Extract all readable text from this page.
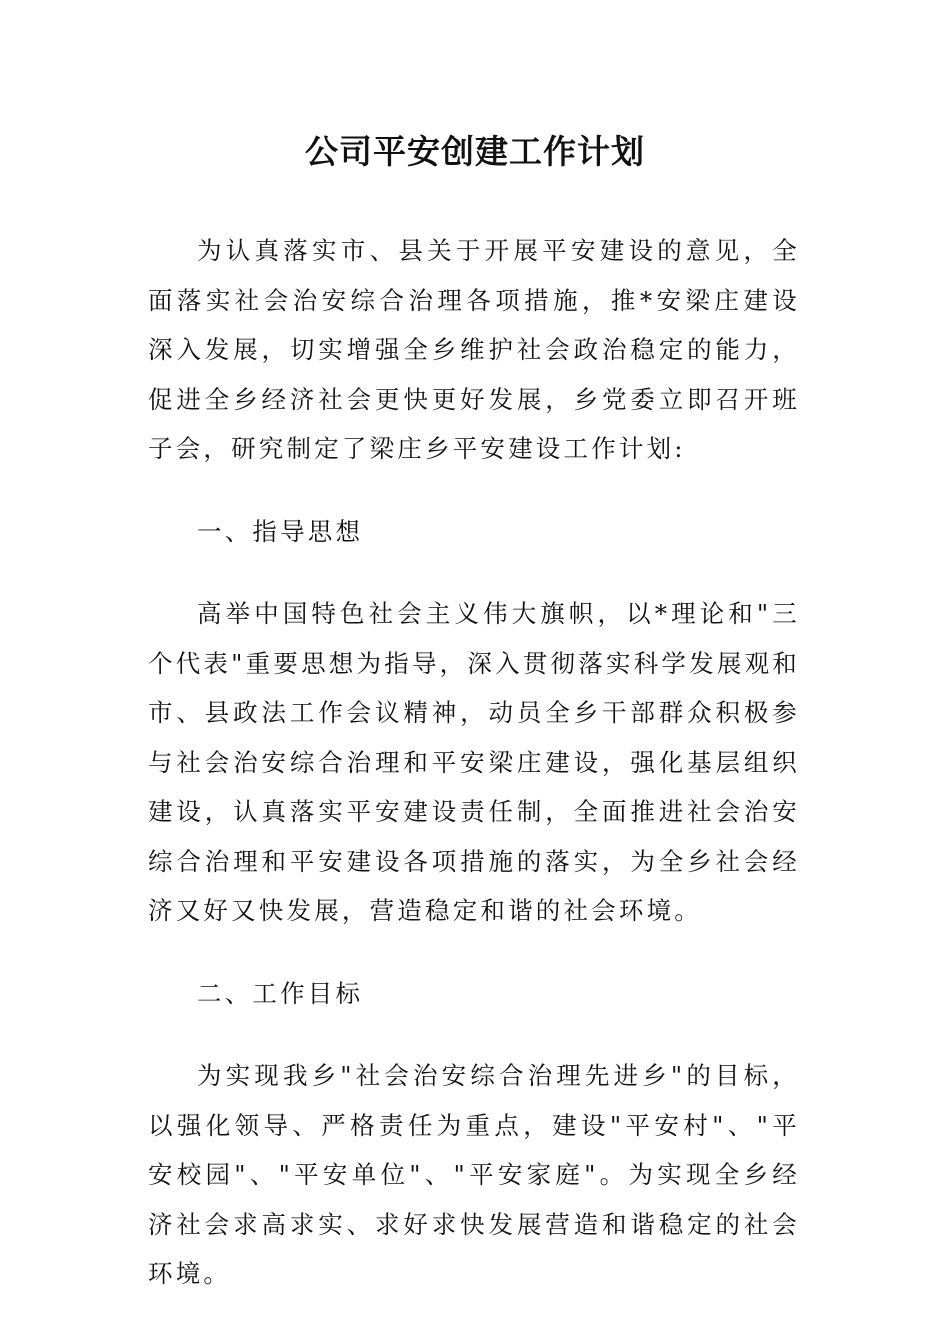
公司平安创建工作计划

为认真落实市、县关于开展平安建设的意见，全面落实社会治安综合治理各项措施，推*安梁庄建设深入发展，切实增强全乡维护社会政治稳定的能力，促进全乡经济社会更快更好发展，乡党委立即召开班子会，研究制定了梁庄乡平安建设工作计划:

一、指导思想

高举中国特色社会主义伟大旗帜，以*理论和"三个代表"重要思想为指导，深入贯彻落实科学发展观和市、县政法工作会议精神，动员全乡干部群众积极参与社会治安综合治理和平安梁庄建设，强化基层组织建设，认真落实平安建设责任制，全面推进社会治安综合治理和平安建设各项措施的落实，为全乡社会经济又好又快发展，营造稳定和谐的社会环境。

二、工作目标

为实现我乡"社会治安综合治理先进乡"的目标，以强化领导、严格责任为重点，建设"平安村"、"平安校园"、"平安单位"、"平安家庭"。为实现全乡经济社会求高求实、求好求快发展营造和谐稳定的社会环境。
